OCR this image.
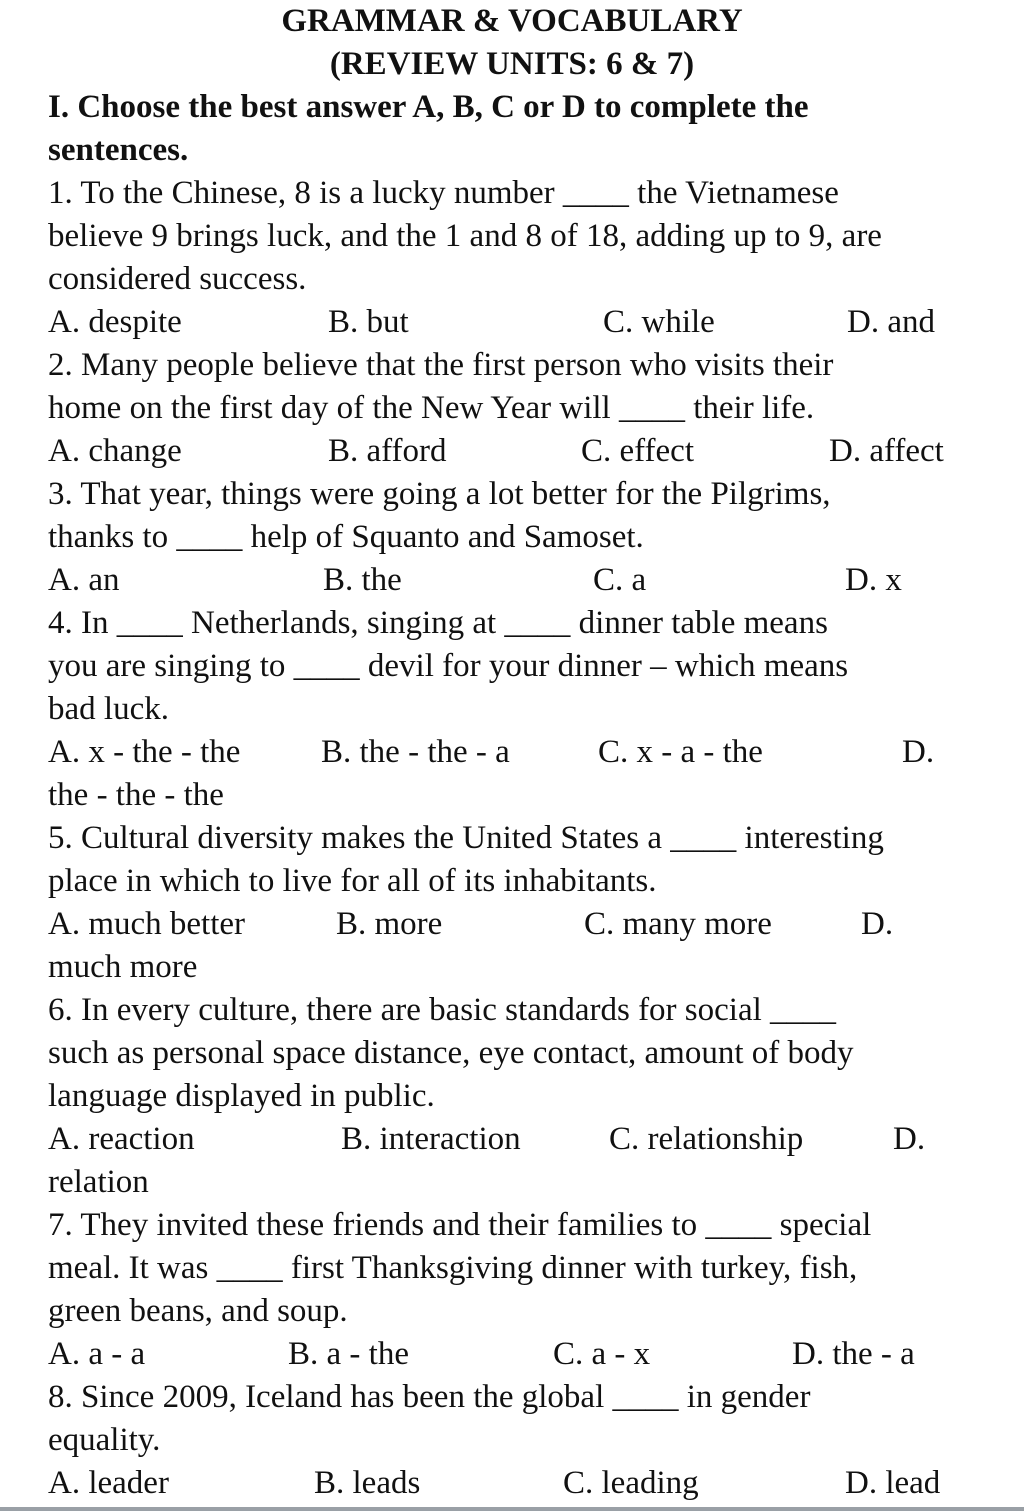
GRAMMAR & VOCABULARY
(REVIEW UNITS: 6 & 7)
I. Choose the best answer A, B, C or D to complete the
sentences.
1. To the Chinese, 8 is a lucky number ____ the Vietnamese
believe 9 brings luck, and the 1 and 8 of 18, adding up to 9, are
considered success.
A. despite	B. but	C. while	D. and
2. Many people believe that the first person who visits their
home on the first day of the New Year will ____ their life.
A. change	B. afford	C. effect	D. affect
3. That year, things were going a lot better for the Pilgrims,
thanks to ____ help of Squanto and Samoset.
A. an	B. the	C. a	D. x
4. In ____ Netherlands, singing at ____ dinner table means
you are singing to ____ devil for your dinner – which means
bad luck.
A. x - the - the B. the - the - a	C. x - a - the	D.
the - the - the
5. Cultural diversity makes the United States a ____ interesting
place in which to live for all of its inhabitants.
A. much better	B. more	C. many more	D.
much more
6. In every culture, there are basic standards for social ____
such as personal space distance, eye contact, amount of body
language displayed in public.
A. reaction	B. interaction	C. relationship	D.
relation
7. They invited these friends and their families to ____ special
meal. It was ____ first Thanksgiving dinner with turkey, fish,
green beans, and soup.
A. a - a	B. a - the	C. a - x	D. the - a
8. Since 2009, Iceland has been the global ____ in gender
equality.
A. leader	B. leads	C. leading	D. lead
